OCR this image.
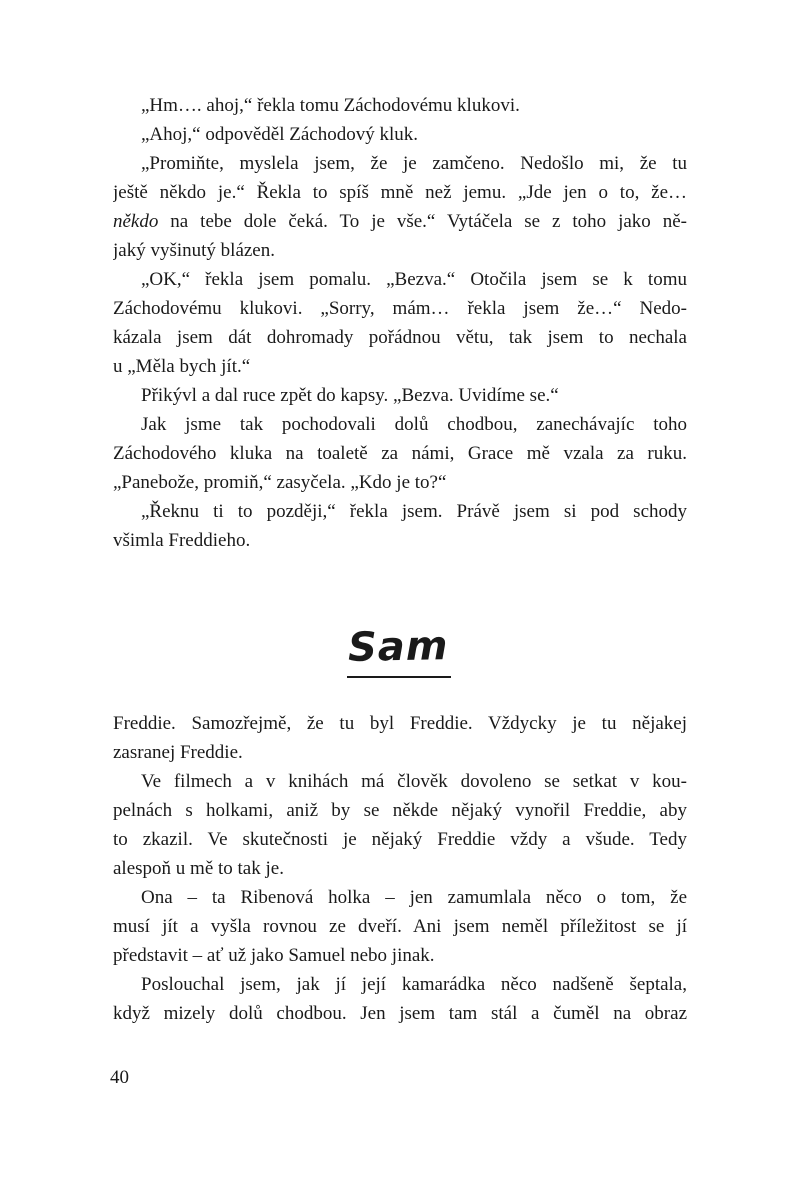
„Hm…. ahoj,“ řekla tomu Záchodovému klukovi.
„Ahoj,“ odpověděl Záchodový kluk.
„Promiňte, myslela jsem, že je zamčeno. Nedošlo mi, že tu
ještě někdo je.“ Řekla to spíš mně než jemu. „Jde jen o to, že…
někdo na tebe dole čeká. To je vše.“ Vytáčela se z toho jako ně-
jaký vyšinutý blázen.
„OK,“ řekla jsem pomalu. „Bezva.“ Otočila jsem se k tomu
Záchodovému klukovi. „Sorry, mám… řekla jsem že…“ Nedo-
kázala jsem dát dohromady pořádnou větu, tak jsem to nechala
u „Měla bych jít.“
Přikývl a dal ruce zpět do kapsy. „Bezva. Uvidíme se.“
Jak jsme tak pochodovali dolů chodbou, zanechávajíc toho
Záchodového kluka na toaletě za námi, Grace mě vzala za ruku.
„Panebože, promiň,“ zasyčela. „Kdo je to?“
„Řeknu ti to později,“ řekla jsem. Právě jsem si pod schody
všimla Freddieho.
Sam
Freddie. Samozřejmě, že tu byl Freddie. Vždycky je tu nějakej
zasranej Freddie.
Ve filmech a v knihách má člověk dovoleno se setkat v kou-
pelnách s holkami, aniž by se někde nějaký vynořil Freddie, aby
to zkazil. Ve skutečnosti je nějaký Freddie vždy a všude. Tedy
alespoň u mě to tak je.
Ona – ta Ribenová holka – jen zamumlala něco o tom, že
musí jít a vyšla rovnou ze dveří. Ani jsem neměl příležitost se jí
představit – ať už jako Samuel nebo jinak.
Poslouchal jsem, jak jí její kamarádka něco nadšeně šeptala,
když mizely dolů chodbou. Jen jsem tam stál a čuměl na obraz
40
